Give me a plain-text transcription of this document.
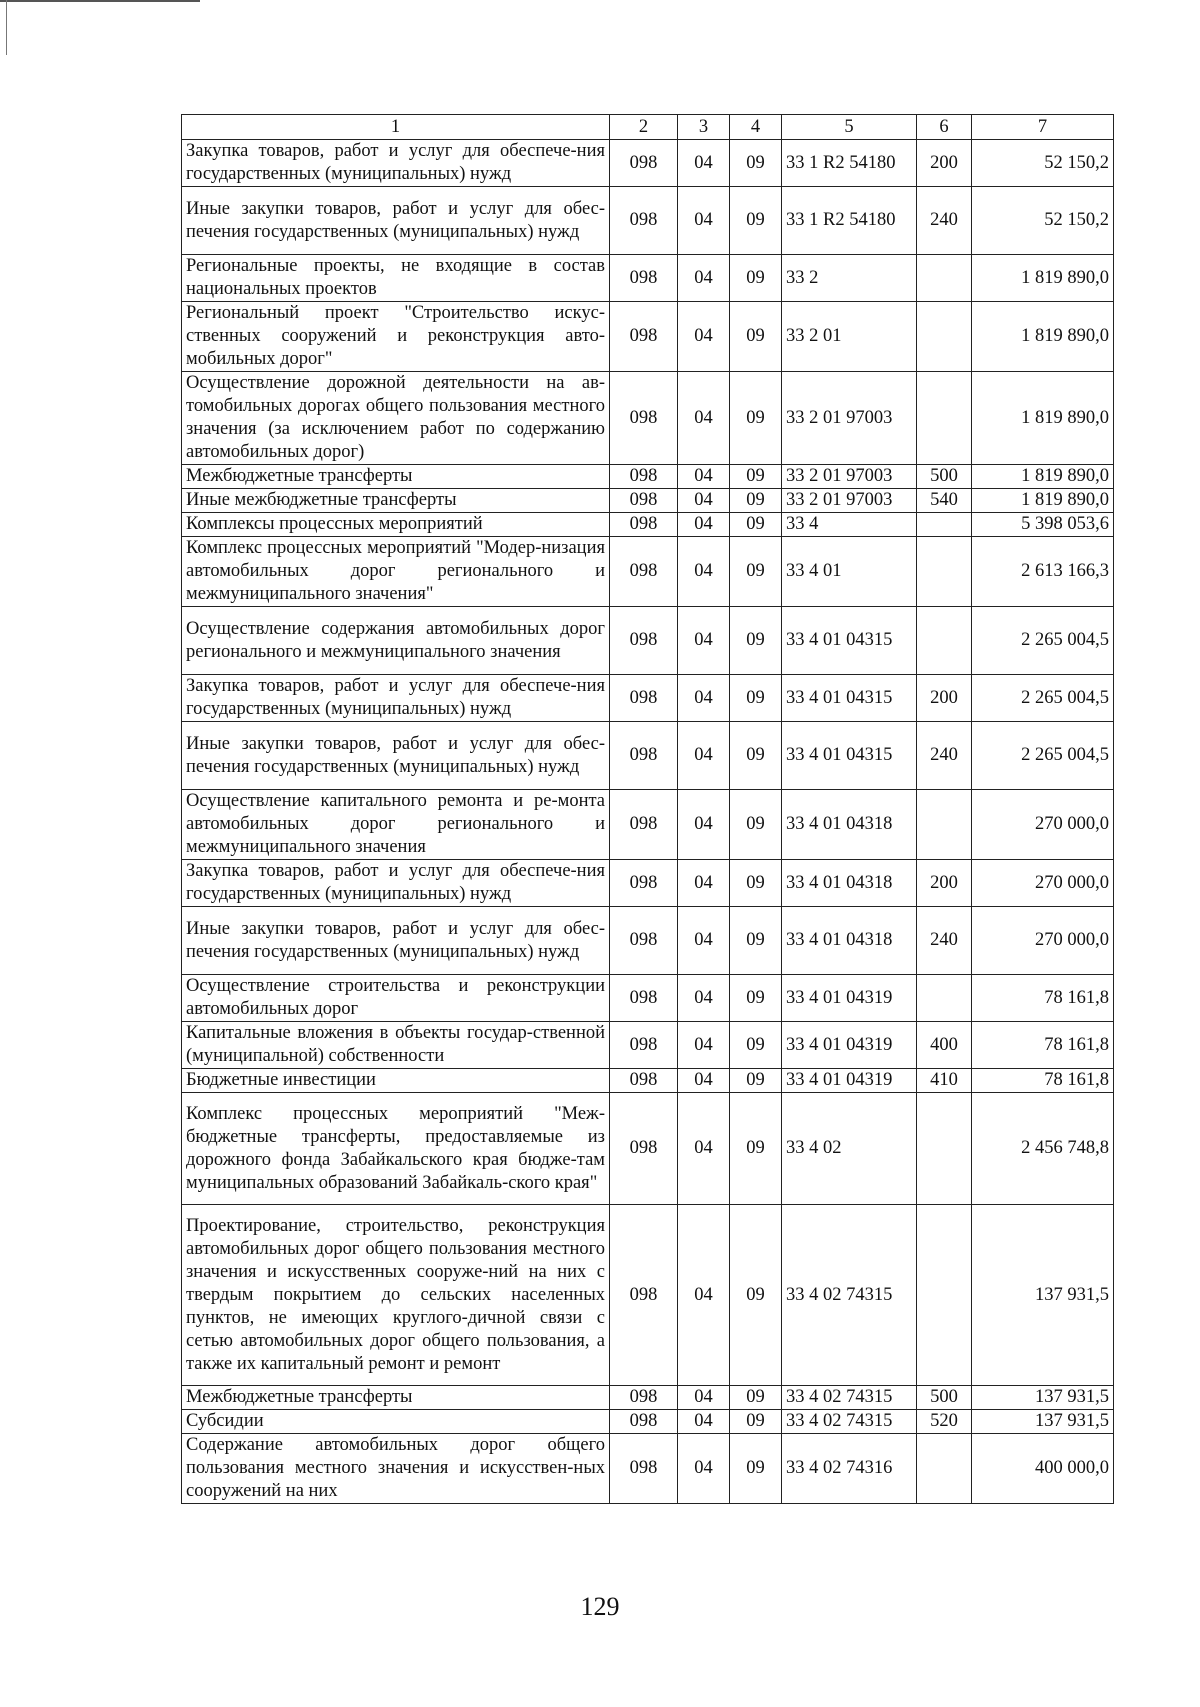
1	2	3	4	5	6	7
Закупка товаров, работ и услуг для обеспече-ния государственных (муниципальных) нужд	098	04	09	33 1 R2 54180	200	52 150,2
Иные закупки товаров, работ и услуг для обес-печения государственных (муниципальных) нужд	098	04	09	33 1 R2 54180	240	52 150,2
Региональные проекты, не входящие в состав национальных проектов	098	04	09	33 2		1 819 890,0
Региональный проект "Строительство искус-ственных сооружений и реконструкция авто-мобильных дорог"	098	04	09	33 2 01		1 819 890,0
Осуществление дорожной деятельности на ав-томобильных дорогах общего пользования местного значения (за исключением работ по содержанию автомобильных дорог)	098	04	09	33 2 01 97003		1 819 890,0
Межбюджетные трансферты	098	04	09	33 2 01 97003	500	1 819 890,0
Иные межбюджетные трансферты	098	04	09	33 2 01 97003	540	1 819 890,0
Комплексы процессных мероприятий	098	04	09	33 4		5 398 053,6
Комплекс процессных мероприятий "Модер-низация автомобильных дорог регионального и межмуниципального значения"	098	04	09	33 4 01		2 613 166,3
Осуществление содержания автомобильных дорог регионального и межмуниципального значения	098	04	09	33 4 01 04315		2 265 004,5
Закупка товаров, работ и услуг для обеспече-ния государственных (муниципальных) нужд	098	04	09	33 4 01 04315	200	2 265 004,5
Иные закупки товаров, работ и услуг для обес-печения государственных (муниципальных) нужд	098	04	09	33 4 01 04315	240	2 265 004,5
Осуществление капитального ремонта и ре-монта автомобильных дорог регионального и межмуниципального значения	098	04	09	33 4 01 04318		270 000,0
Закупка товаров, работ и услуг для обеспече-ния государственных (муниципальных) нужд	098	04	09	33 4 01 04318	200	270 000,0
Иные закупки товаров, работ и услуг для обес-печения государственных (муниципальных) нужд	098	04	09	33 4 01 04318	240	270 000,0
Осуществление строительства и реконструкции автомобильных дорог	098	04	09	33 4 01 04319		78 161,8
Капитальные вложения в объекты государ-ственной (муниципальной) собственности	098	04	09	33 4 01 04319	400	78 161,8
Бюджетные инвестиции	098	04	09	33 4 01 04319	410	78 161,8
Комплекс процессных мероприятий "Меж-бюджетные трансферты, предоставляемые из дорожного фонда Забайкальского края бюдже-там муниципальных образований Забайкаль-ского края"	098	04	09	33 4 02		2 456 748,8
Проектирование, строительство, реконструкция автомобильных дорог общего пользования местного значения и искусственных сооруже-ний на них с твердым покрытием до сельских населенных пунктов, не имеющих круглого-дичной связи с сетью автомобильных дорог общего пользования, а также их капитальный ремонт и ремонт	098	04	09	33 4 02 74315		137 931,5
Межбюджетные трансферты	098	04	09	33 4 02 74315	500	137 931,5
Субсидии	098	04	09	33 4 02 74315	520	137 931,5
Содержание автомобильных дорог общего пользования местного значения и искусствен-ных сооружений на них	098	04	09	33 4 02 74316		400 000,0
129
